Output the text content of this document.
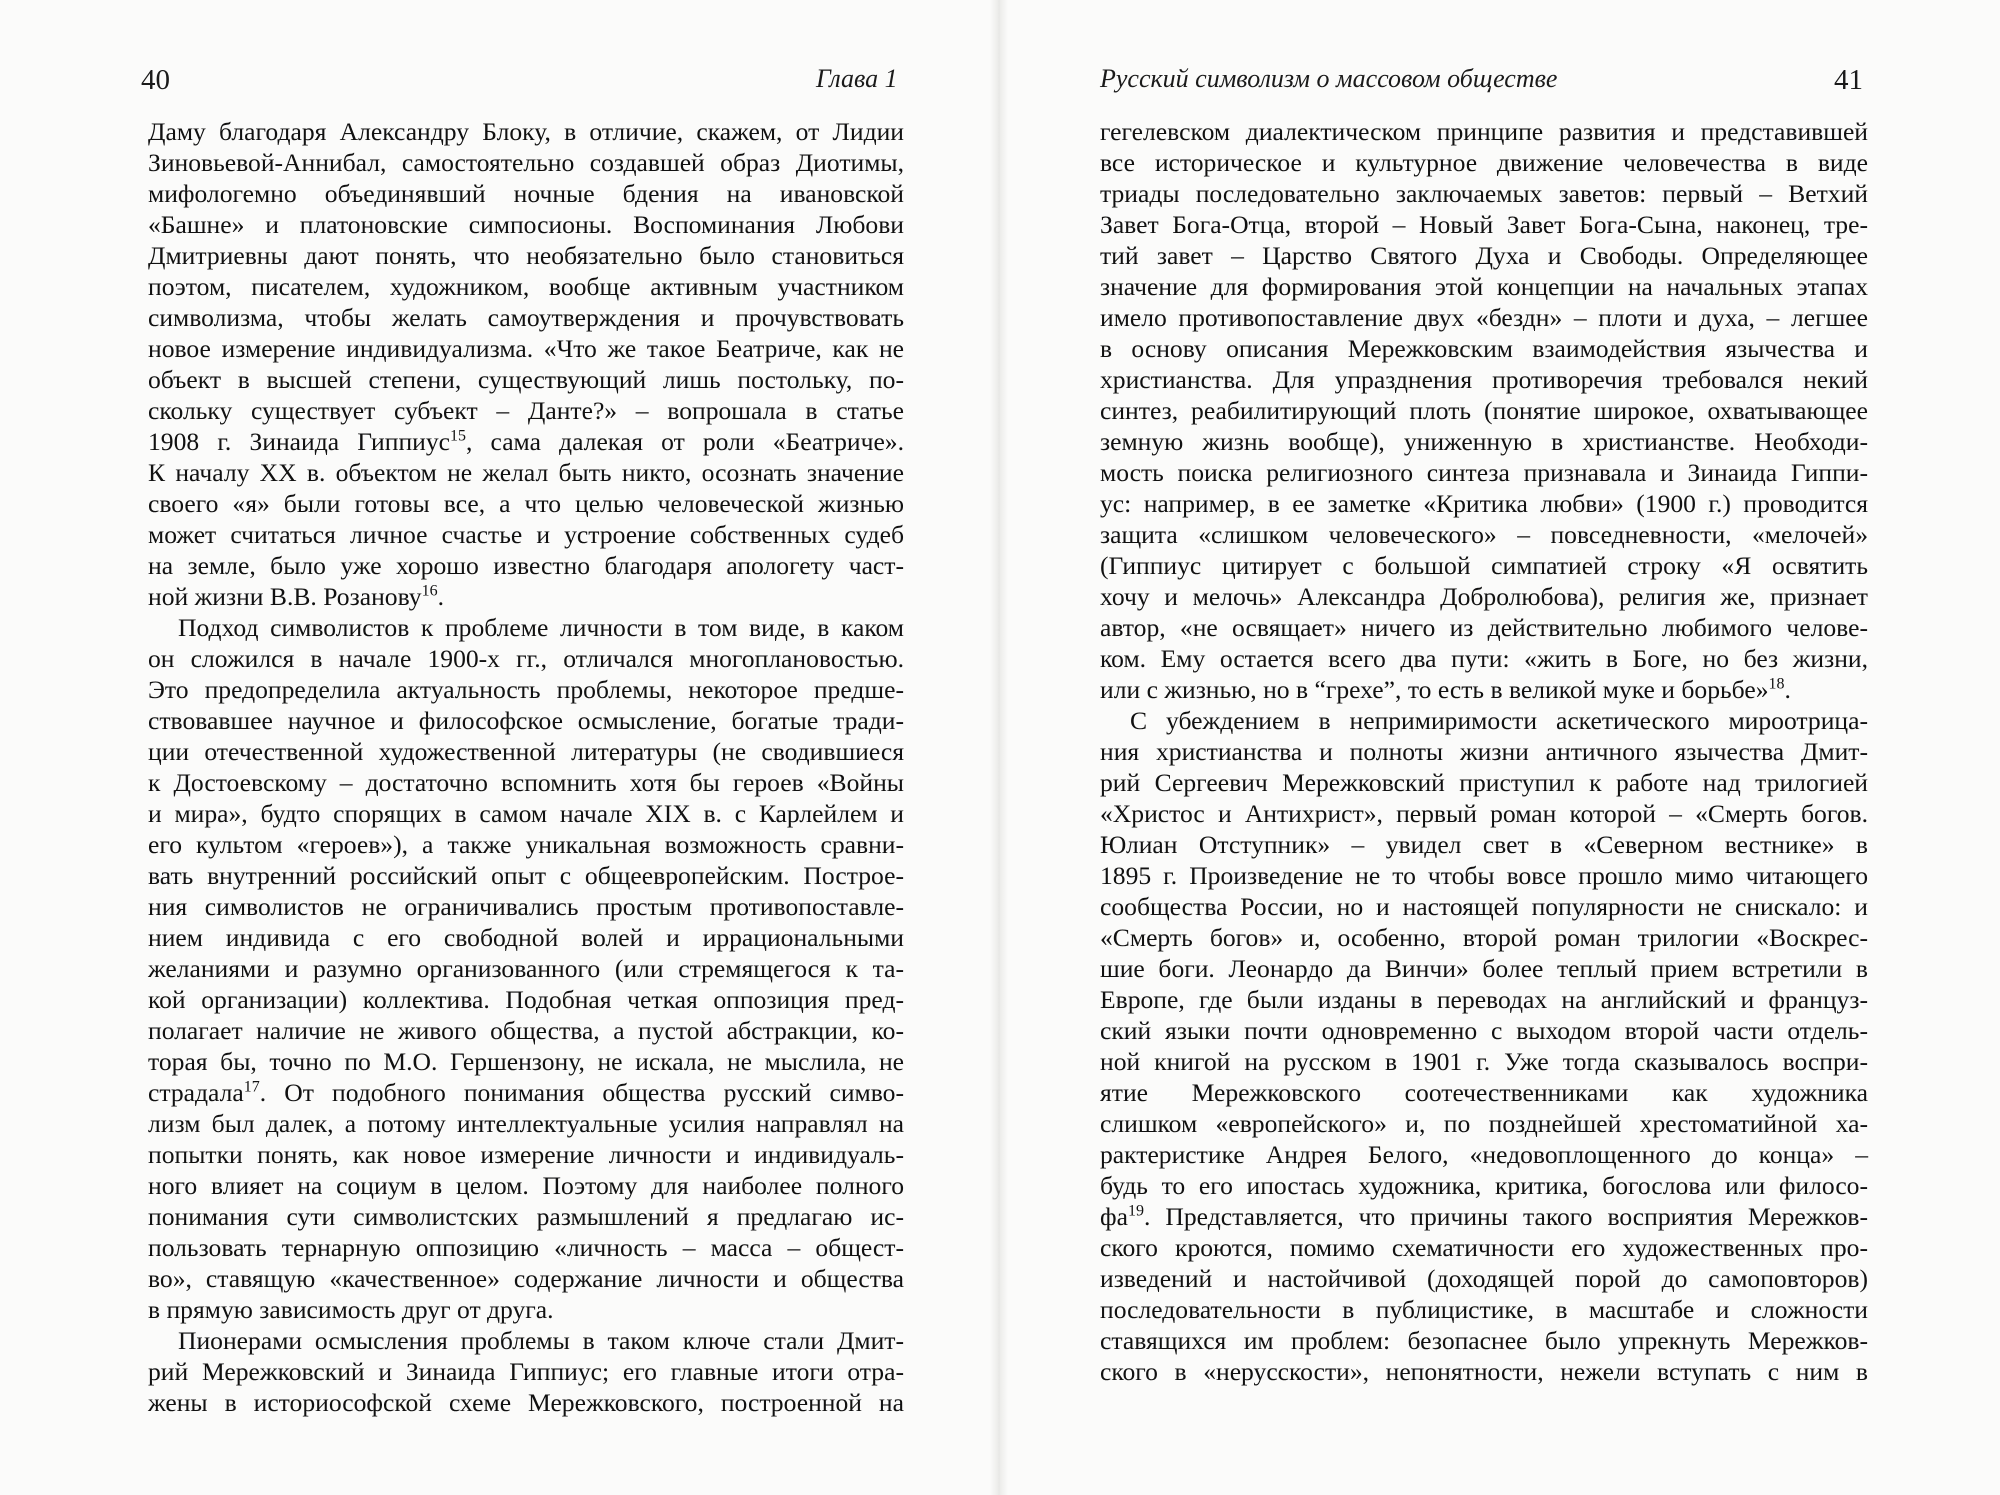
40	Глава 1
Даму благодаря Александру Блоку, в отличие, скажем, от Лидии
Зиновьевой-Аннибал, самостоятельно создавшей образ Диотимы,
мифологемно объединявший ночные бдения на ивановской
«Башне» и платоновские симпосионы. Воспоминания Любови
Дмитриевны дают понять, что необязательно было становиться
поэтом, писателем, художником, вообще активным участником
символизма, чтобы желать самоутверждения и прочувствовать
новое измерение индивидуализма. «Что же такое Беатриче, как не
объект в высшей степени, существующий лишь постольку, по-
скольку существует субъект – Данте?» – вопрошала в статье
1908 г. Зинаида Гиппиус$^{15}$, сама далекая от роли «Беатриче».
К началу XX в. объектом не желал быть никто, осознать значение
своего «я» были готовы все, а что целью человеческой жизнью
может считаться личное счастье и устроение собственных судеб
на земле, было уже хорошо известно благодаря апологету част-
ной жизни В.В. Розанову$^{16}$.
Подход символистов к проблеме личности в том виде, в каком
он сложился в начале 1900-х гг., отличался многоплановостью.
Это предопределила актуальность проблемы, некоторое предше-
ствовавшее научное и философское осмысление, богатые тради-
ции отечественной художественной литературы (не сводившиеся
к Достоевскому – достаточно вспомнить хотя бы героев «Войны
и мира», будто спорящих в самом начале XIX в. с Карлейлем и
его культом «героев»), а также уникальная возможность сравни-
вать внутренний российский опыт с общеевропейским. Построе-
ния символистов не ограничивались простым противопоставле-
нием индивида с его свободной волей и иррациональными
желаниями и разумно организованного (или стремящегося к та-
кой организации) коллектива. Подобная четкая оппозиция пред-
полагает наличие не живого общества, а пустой абстракции, ко-
торая бы, точно по М.О. Гершензону, не искала, не мыслила, не
страдала$^{17}$. От подобного понимания общества русский симво-
лизм был далек, а потому интеллектуальные усилия направлял на
попытки понять, как новое измерение личности и индивидуаль-
ного влияет на социум в целом. Поэтому для наиболее полного
понимания сути символистских размышлений я предлагаю ис-
пользовать тернарную оппозицию «личность – масса – общест-
во», ставящую «качественное» содержание личности и общества
в прямую зависимость друг от друга.
Пионерами осмысления проблемы в таком ключе стали Дмит-
рий Мережковский и Зинаида Гиппиус; его главные итоги отра-
жены в историософской схеме Мережковского, построенной на
Русский символизм о массовом обществе	41
гегелевском диалектическом принципе развития и представившей
все историческое и культурное движение человечества в виде
триады последовательно заключаемых заветов: первый – Ветхий
Завет Бога-Отца, второй – Новый Завет Бога-Сына, наконец, тре-
тий завет – Царство Святого Духа и Свободы. Определяющее
значение для формирования этой концепции на начальных этапах
имело противопоставление двух «бездн» – плоти и духа, – легшее
в основу описания Мережковским взаимодействия язычества и
христианства. Для упразднения противоречия требовался некий
синтез, реабилитирующий плоть (понятие широкое, охватывающее
земную жизнь вообще), униженную в христианстве. Необходи-
мость поиска религиозного синтеза признавала и Зинаида Гиппи-
ус: например, в ее заметке «Критика любви» (1900 г.) проводится
защита «слишком человеческого» – повседневности, «мелочей»
(Гиппиус цитирует с большой симпатией строку «Я освятить
хочу и мелочь» Александра Добролюбова), религия же, признает
автор, «не освящает» ничего из действительно любимого челове-
ком. Ему остается всего два пути: «жить в Боге, но без жизни,
или с жизнью, но в “грехе”, то есть в великой муке и борьбе»$^{18}$.
С убеждением в непримиримости аскетического мироотрица-
ния христианства и полноты жизни античного язычества Дмит-
рий Сергеевич Мережковский приступил к работе над трилогией
«Христос и Антихрист», первый роман которой – «Смерть богов.
Юлиан Отступник» – увидел свет в «Северном вестнике» в
1895 г. Произведение не то чтобы вовсе прошло мимо читающего
сообщества России, но и настоящей популярности не снискало: и
«Смерть богов» и, особенно, второй роман трилогии «Воскрес-
шие боги. Леонардо да Винчи» более теплый прием встретили в
Европе, где были изданы в переводах на английский и француз-
ский языки почти одновременно с выходом второй части отдель-
ной книгой на русском в 1901 г. Уже тогда сказывалось воспри-
ятие Мережковского соотечественниками как художника
слишком «европейского» и, по позднейшей хрестоматийной ха-
рактеристике Андрея Белого, «недовоплощенного до конца» –
будь то его ипостась художника, критика, богослова или филосо-
$фа^{19}$. Представляется, что причины такого восприятия Мережков-
ского кроются, помимо схематичности его художественных про-
изведений и настойчивой (доходящей порой до самоповторов)
последовательности в публицистике, в масштабе и сложности
ставящихся им проблем: безопаснее было упрекнуть Мережков-
ского в «нерусскости», непонятности, нежели вступать с ним в
